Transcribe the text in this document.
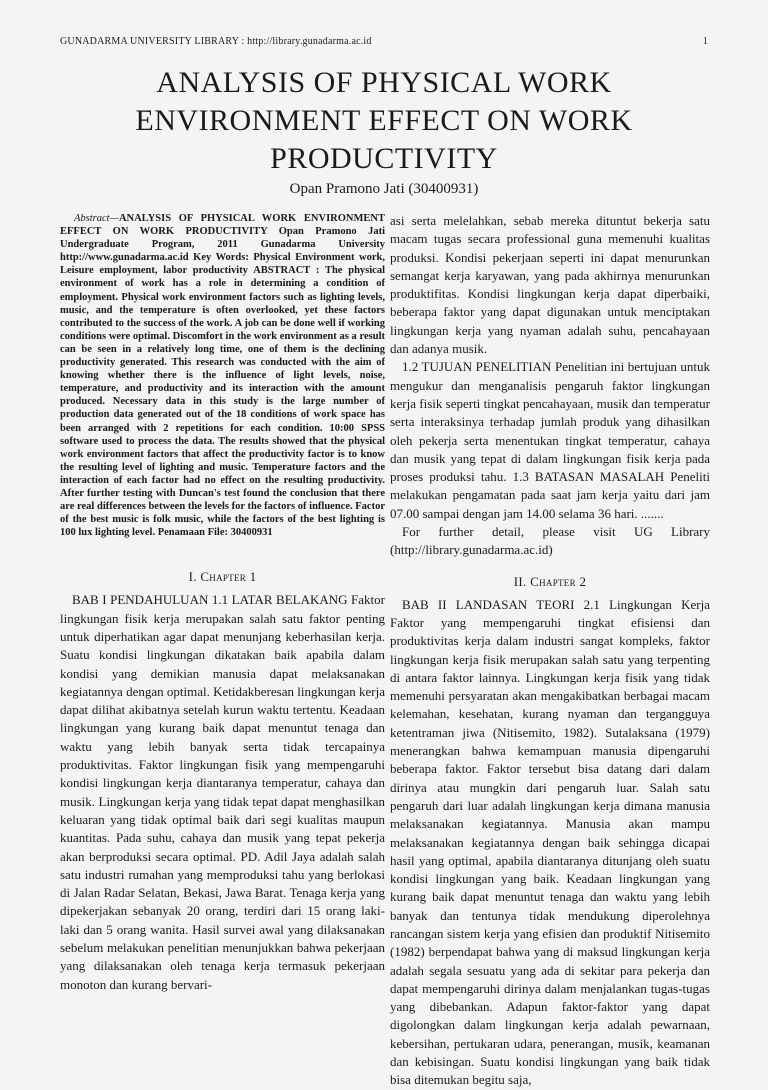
GUNADARMA UNIVERSITY LIBRARY : http://library.gunadarma.ac.id	1
ANALYSIS OF PHYSICAL WORK ENVIRONMENT EFFECT ON WORK PRODUCTIVITY
Opan Pramono Jati (30400931)

Abstract—ANALYSIS OF PHYSICAL WORK ENVIRONMENT EFFECT ON WORK PRODUCTIVITY Opan Pramono Jati Undergraduate Program, 2011 Gunadarma University http://www.gunadarma.ac.id Key Words: Physical Environment work, Leisure employment, labor productivity ABSTRACT : The physical environment of work has a role in determining a condition of employment. Physical work environment factors such as lighting levels, music, and the temperature is often overlooked, yet these factors contributed to the success of the work. A job can be done well if working conditions were optimal. Discomfort in the work environment as a result can be seen in a relatively long time, one of them is the declining productivity generated. This research was conducted with the aim of knowing whether there is the influence of light levels, noise, temperature, and productivity and its interaction with the amount produced. Necessary data in this study is the large number of production data generated out of the 18 conditions of work space has been arranged with 2 repetitions for each condition. 10:00 SPSS software used to process the data. The results showed that the physical work environment factors that affect the productivity factor is to know the resulting level of lighting and music. Temperature factors and the interaction of each factor had no effect on the resulting productivity. After further testing with Duncan's test found the conclusion that there are real differences between the levels for the factors of influence. Factor of the best music is folk music, while the factors of the best lighting is 100 lux lighting level. Penamaan File: 30400931

I. Chapter 1

BAB I PENDAHULUAN 1.1 LATAR BELAKANG Faktor lingkungan fisik kerja merupakan salah satu faktor penting untuk diperhatikan agar dapat menunjang keberhasilan kerja. Suatu kondisi lingkungan dikatakan baik apabila dalam kondisi yang demikian manusia dapat melaksanakan kegiatannya dengan optimal. Ketidakberesan lingkungan kerja dapat dilihat akibatnya setelah kurun waktu tertentu. Keadaan lingkungan yang kurang baik dapat menuntut tenaga dan waktu yang lebih banyak serta tidak tercapainya produktivitas. Faktor lingkungan fisik yang mempengaruhi kondisi lingkungan kerja diantaranya temperatur, cahaya dan musik. Lingkungan kerja yang tidak tepat dapat menghasilkan keluaran yang tidak optimal baik dari segi kualitas maupun kuantitas. Pada suhu, cahaya dan musik yang tepat pekerja akan berproduksi secara optimal. PD. Adil Jaya adalah salah satu industri rumahan yang memproduksi tahu yang berlokasi di Jalan Radar Selatan, Bekasi, Jawa Barat. Tenaga kerja yang dipekerjakan sebanyak 20 orang, terdiri dari 15 orang laki-laki dan 5 orang wanita. Hasil survei awal yang dilaksanakan sebelum melakukan penelitian menunjukkan bahwa pekerjaan yang dilaksanakan oleh tenaga kerja termasuk pekerjaan monoton dan kurang bervari-

asi serta melelahkan, sebab mereka dituntut bekerja satu macam tugas secara professional guna memenuhi kualitas produksi. Kondisi pekerjaan seperti ini dapat menurunkan semangat kerja karyawan, yang pada akhirnya menurunkan produktifitas. Kondisi lingkungan kerja dapat diperbaiki, beberapa faktor yang dapat digunakan untuk menciptakan lingkungan kerja yang nyaman adalah suhu, pencahayaan dan adanya musik.

1.2 TUJUAN PENELITIAN Penelitian ini bertujuan untuk mengukur dan menganalisis pengaruh faktor lingkungan kerja fisik seperti tingkat pencahayaan, musik dan temperatur serta interaksinya terhadap jumlah produk yang dihasilkan oleh pekerja serta menentukan tingkat temperatur, cahaya dan musik yang tepat di dalam lingkungan fisik kerja pada proses produksi tahu. 1.3 BATASAN MASALAH Peneliti melakukan pengamatan pada saat jam kerja yaitu dari jam 07.00 sampai dengan jam 14.00 selama 36 hari. .......

For further detail, please visit UG Library (http://library.gunadarma.ac.id)

II. Chapter 2

BAB II LANDASAN TEORI 2.1 Lingkungan Kerja Faktor yang mempengaruhi tingkat efisiensi dan produktivitas kerja dalam industri sangat kompleks, faktor lingkungan kerja fisik merupakan salah satu yang terpenting di antara faktor lainnya. Lingkungan kerja fisik yang tidak memenuhi persyaratan akan mengakibatkan berbagai macam kelemahan, kesehatan, kurang nyaman dan tergangguya ketentraman jiwa (Nitisemito, 1982). Sutalaksana (1979) menerangkan bahwa kemampuan manusia dipengaruhi beberapa faktor. Faktor tersebut bisa datang dari dalam dirinya atau mungkin dari pengaruh luar. Salah satu pengaruh dari luar adalah lingkungan kerja dimana manusia melaksanakan kegiatannya. Manusia akan mampu melaksanakan kegiatannya dengan baik sehingga dicapai hasil yang optimal, apabila diantaranya ditunjang oleh suatu kondisi lingkungan yang baik. Keadaan lingkungan yang kurang baik dapat menuntut tenaga dan waktu yang lebih banyak dan tentunya tidak mendukung diperolehnya rancangan sistem kerja yang efisien dan produktif Nitisemito (1982) berpendapat bahwa yang di maksud lingkungan kerja adalah segala sesuatu yang ada di sekitar para pekerja dan dapat mempengaruhi dirinya dalam menjalankan tugas-tugas yang dibebankan. Adapun faktor-faktor yang dapat digolongkan dalam lingkungan kerja adalah pewarnaan, kebersihan, pertukaran udara, penerangan, musik, keamanan dan kebisingan. Suatu kondisi lingkungan yang baik tidak bisa ditemukan begitu saja,
